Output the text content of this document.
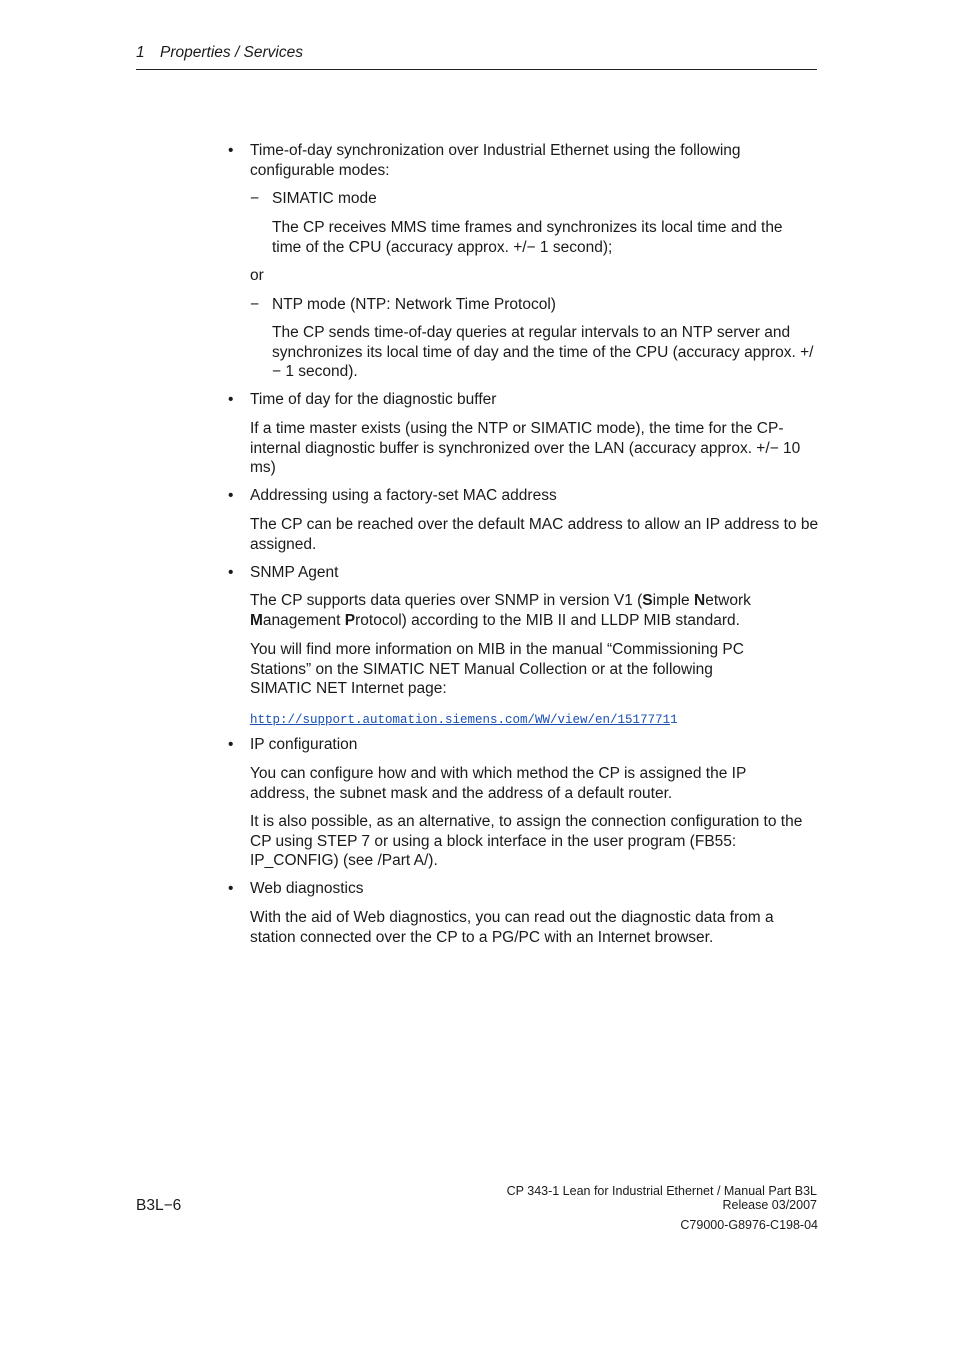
1 Properties / Services
• Time-of-day synchronization over Industrial Ethernet using the following configurable modes:
− SIMATIC mode
The CP receives MMS time frames and synchronizes its local time and the time of the CPU (accuracy approx. +/− 1 second);
or
− NTP mode (NTP: Network Time Protocol)
The CP sends time-of-day queries at regular intervals to an NTP server and synchronizes its local time of day and the time of the CPU (accuracy approx. +/− 1 second).
• Time of day for the diagnostic buffer
If a time master exists (using the NTP or SIMATIC mode), the time for the CP-internal diagnostic buffer is synchronized over the LAN (accuracy approx. +/− 10 ms)
• Addressing using a factory-set MAC address
The CP can be reached over the default MAC address to allow an IP address to be assigned.
• SNMP Agent
The CP supports data queries over SNMP in version V1 (Simple Network Management Protocol) according to the MIB II and LLDP MIB standard.
You will find more information on MIB in the manual “Commissioning PC Stations” on the SIMATIC NET Manual Collection or at the following SIMATIC NET Internet page:
http://support.automation.siemens.com/WW/view/en/15177711
• IP configuration
You can configure how and with which method the CP is assigned the IP address, the subnet mask and the address of a default router.
It is also possible, as an alternative, to assign the connection configuration to the CP using STEP 7 or using a block interface in the user program (FB55: IP_CONFIG) (see /Part A/).
• Web diagnostics
With the aid of Web diagnostics, you can read out the diagnostic data from a station connected over the CP to a PG/PC with an Internet browser.
B3L−6
CP 343-1 Lean for Industrial Ethernet / Manual Part B3L
Release 03/2007
C79000-G8976-C198-04
